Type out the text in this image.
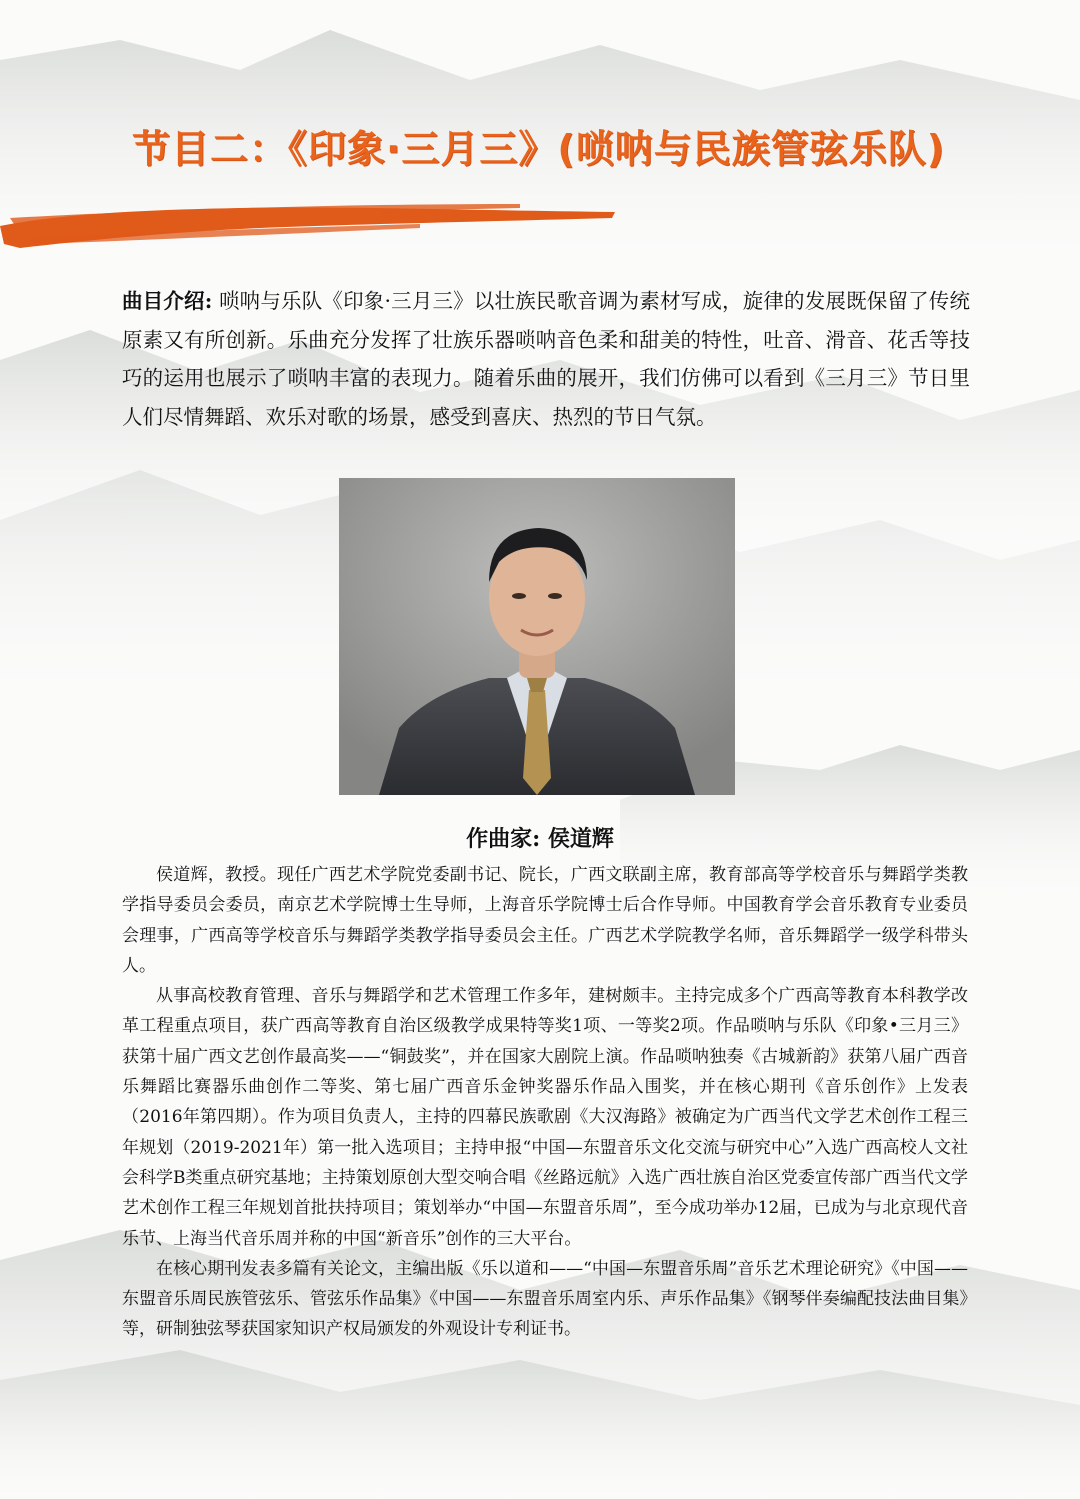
节目二：《印象·三月三》(唢呐与民族管弦乐队)

曲目介绍: 唢呐与乐队《印象·三月三》以壮族民歌音调为素材写成，旋律的发展既保留了传统原素又有所创新。乐曲充分发挥了壮族乐器唢呐音色柔和甜美的特性，吐音、滑音、花舌等技巧的运用也展示了唢呐丰富的表现力。随着乐曲的展开，我们仿佛可以看到《三月三》节日里人们尽情舞蹈、欢乐对歌的场景，感受到喜庆、热烈的节日气氛。

作曲家: 侯道辉

侯道辉，教授。现任广西艺术学院党委副书记、院长，广西文联副主席，教育部高等学校音乐与舞蹈学类教学指导委员会委员，南京艺术学院博士生导师，上海音乐学院博士后合作导师。中国教育学会音乐教育专业委员会理事，广西高等学校音乐与舞蹈学类教学指导委员会主任。广西艺术学院教学名师，音乐舞蹈学一级学科带头人。

从事高校教育管理、音乐与舞蹈学和艺术管理工作多年，建树颇丰。主持完成多个广西高等教育本科教学改革工程重点项目，获广西高等教育自治区级教学成果特等奖1项、一等奖2项。作品唢呐与乐队《印象•三月三》获第十届广西文艺创作最高奖——“铜鼓奖”，并在国家大剧院上演。作品唢呐独奏《古城新韵》获第八届广西音乐舞蹈比赛器乐曲创作二等奖、第七届广西音乐金钟奖器乐作品入围奖，并在核心期刊《音乐创作》上发表（2016年第四期）。作为项目负责人，主持的四幕民族歌剧《大汉海路》被确定为广西当代文学艺术创作工程三年规划（2019-2021年）第一批入选项目；主持申报“中国—东盟音乐文化交流与研究中心”入选广西高校人文社会科学B类重点研究基地；主持策划原创大型交响合唱《丝路远航》入选广西壮族自治区党委宣传部广西当代文学艺术创作工程三年规划首批扶持项目；策划举办“中国—东盟音乐周”，至今成功举办12届，已成为与北京现代音乐节、上海当代音乐周并称的中国“新音乐”创作的三大平台。

在核心期刊发表多篇有关论文，主编出版《乐以道和——“中国—东盟音乐周”音乐艺术理论研究》《中国——东盟音乐周民族管弦乐、管弦乐作品集》《中国——东盟音乐周室内乐、声乐作品集》《钢琴伴奏编配技法曲目集》等，研制独弦琴获国家知识产权局颁发的外观设计专利证书。
